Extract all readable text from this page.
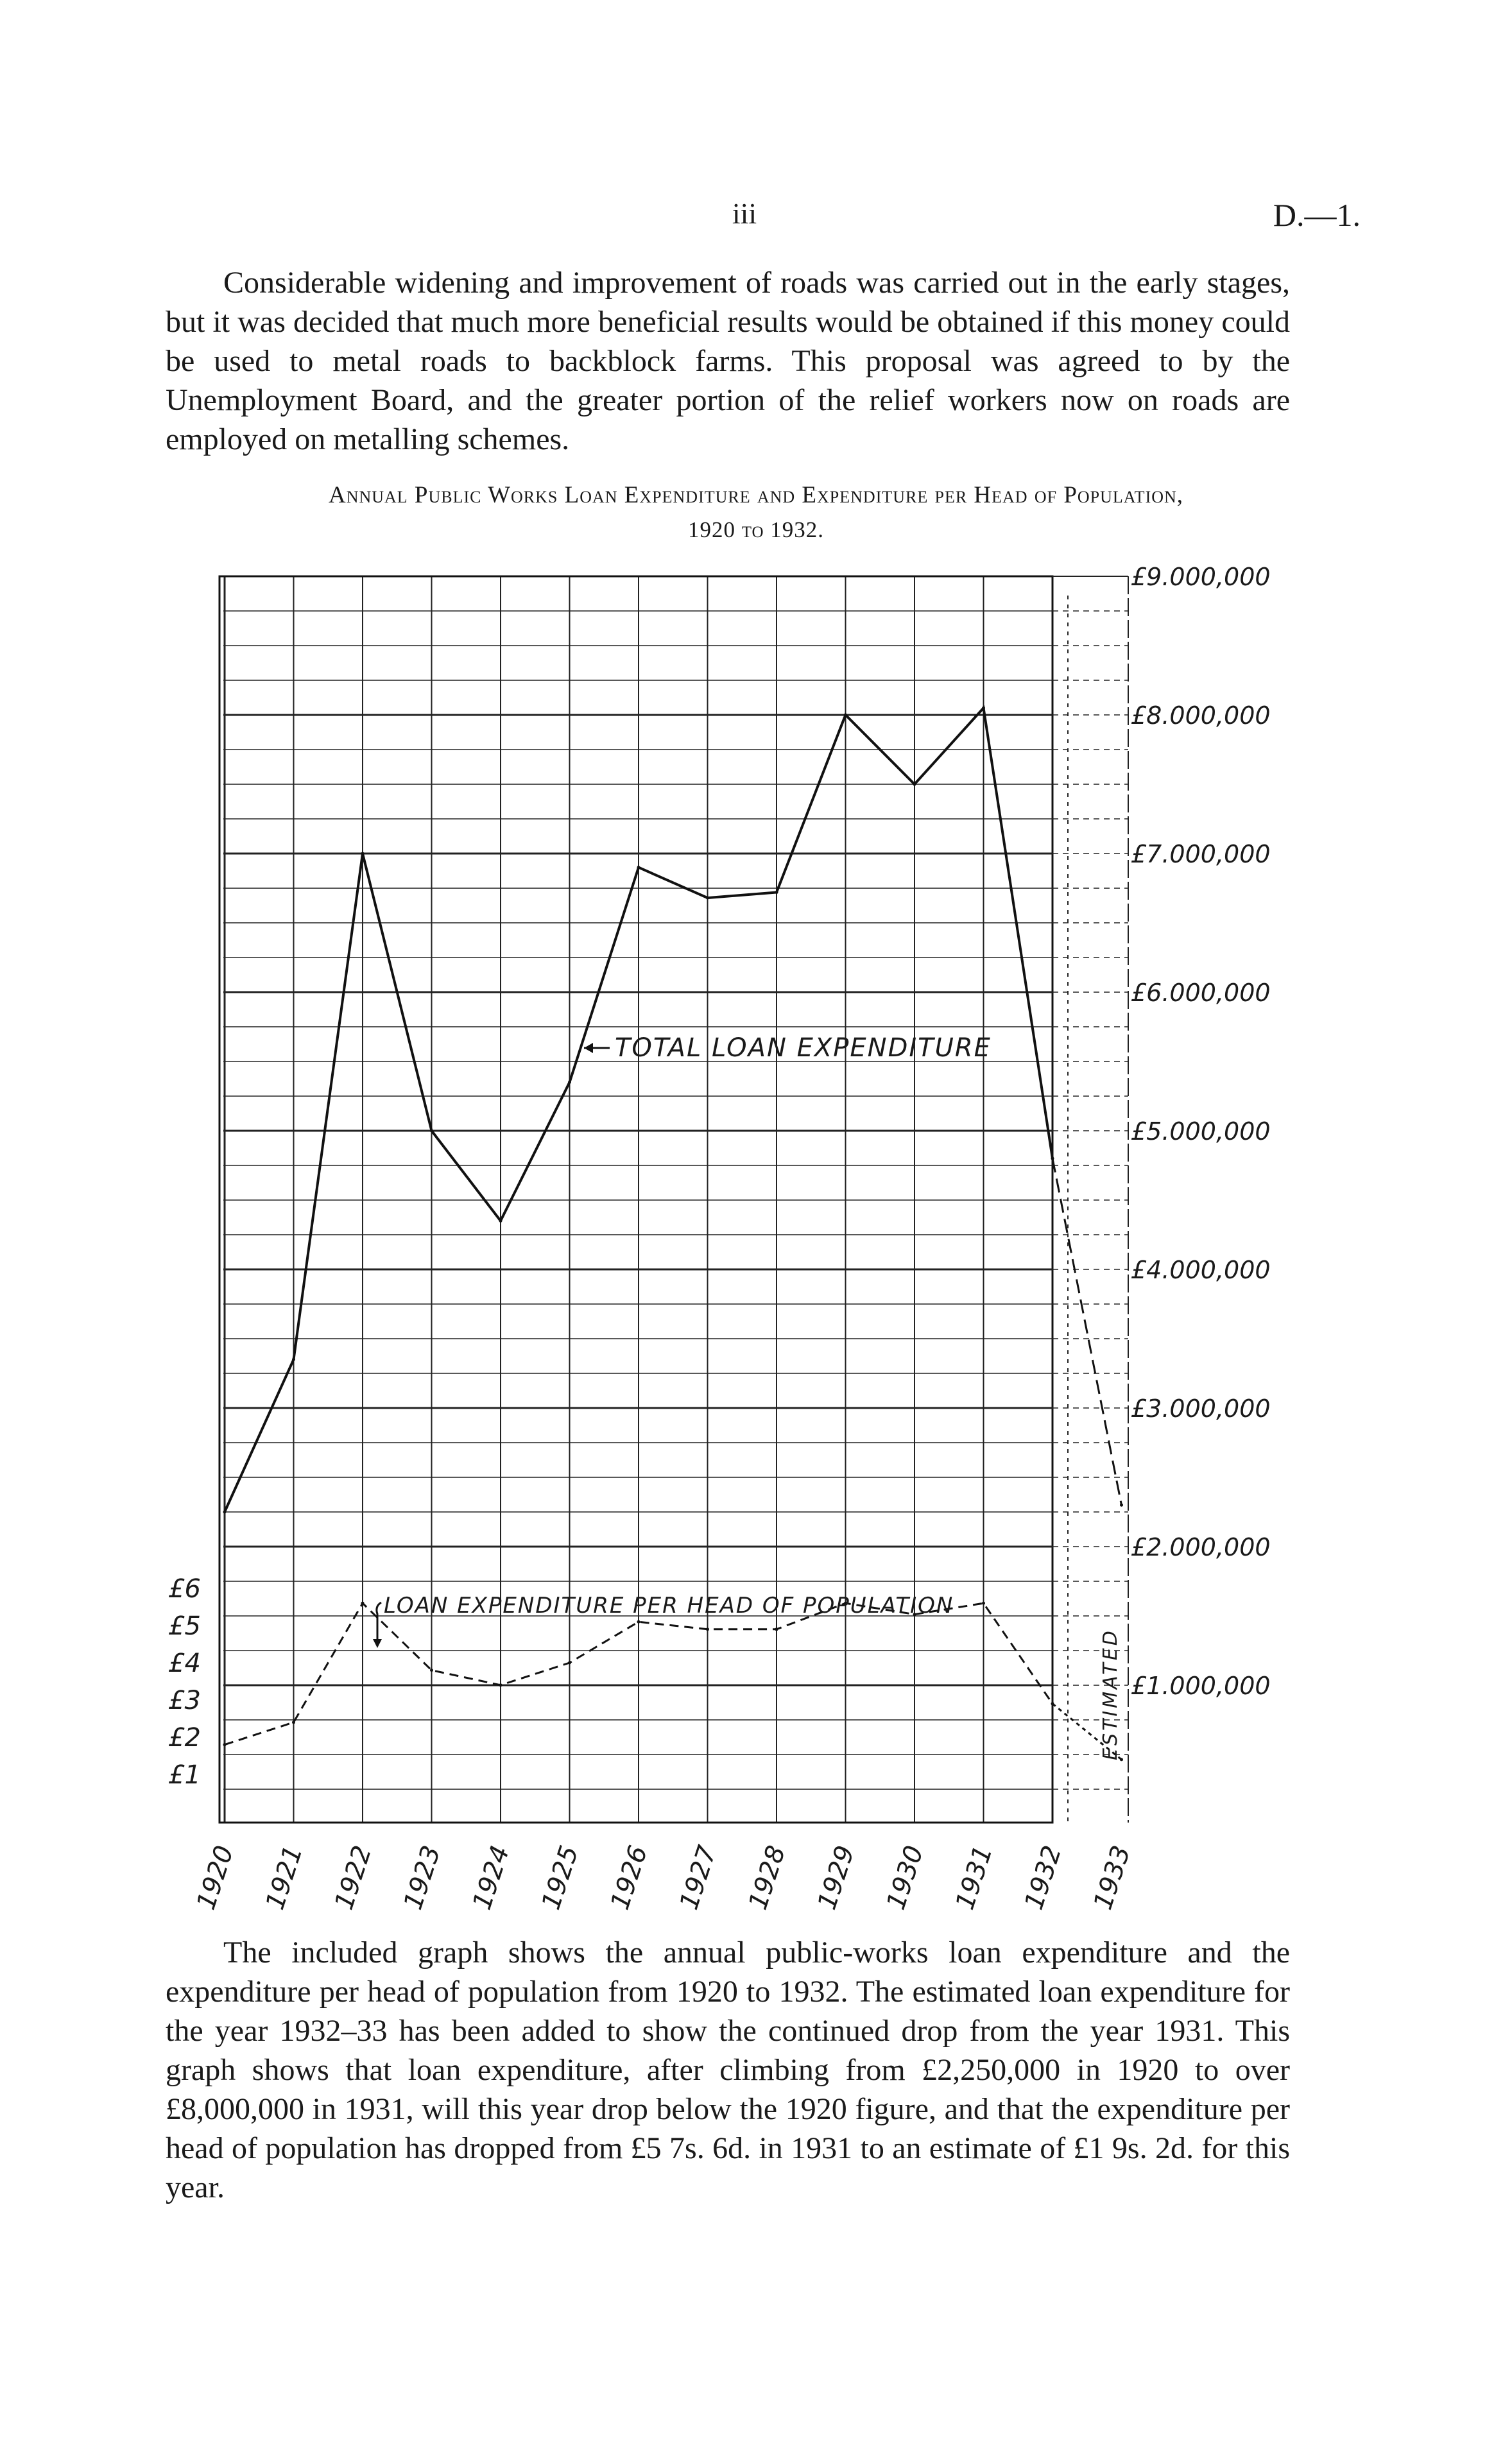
iii	D.—1.

Considerable widening and improvement of roads was carried out in the early stages, but it was decided that much more beneficial results would be obtained if this money could be used to metal roads to backblock farms. This proposal was agreed to by the Unemployment Board, and the greater portion of the relief workers now on roads are employed on metalling schemes.

Annual Public Works Loan Expenditure and Expenditure per Head of Population,
1920 to 1932.
£9.000,000
£8.000,000
£7.000,000
£6.000,000
£5.000,000
£4.000,000
£3.000,000
£2.000,000
£1.000,000
£6
£5
£4
£3
£2
£1
1920 1921 1922 1923 1924 1925 1926 1927 1928 1929 1930 1931 1932 1933
TOTAL LOAN EXPENDITURE
LOAN EXPENDITURE PER HEAD OF POPULATION
ESTIMATED

The included graph shows the annual public-works loan expenditure and the expenditure per head of population from 1920 to 1932. The estimated loan expenditure for the year 1932–33 has been added to show the continued drop from the year 1931. This graph shows that loan expenditure, after climbing from £2,250,000 in 1920 to over £8,000,000 in 1931, will this year drop below the 1920 figure, and that the expenditure per head of population has dropped from £5 7s. 6d. in 1931 to an estimate of £1 9s. 2d. for this year.
